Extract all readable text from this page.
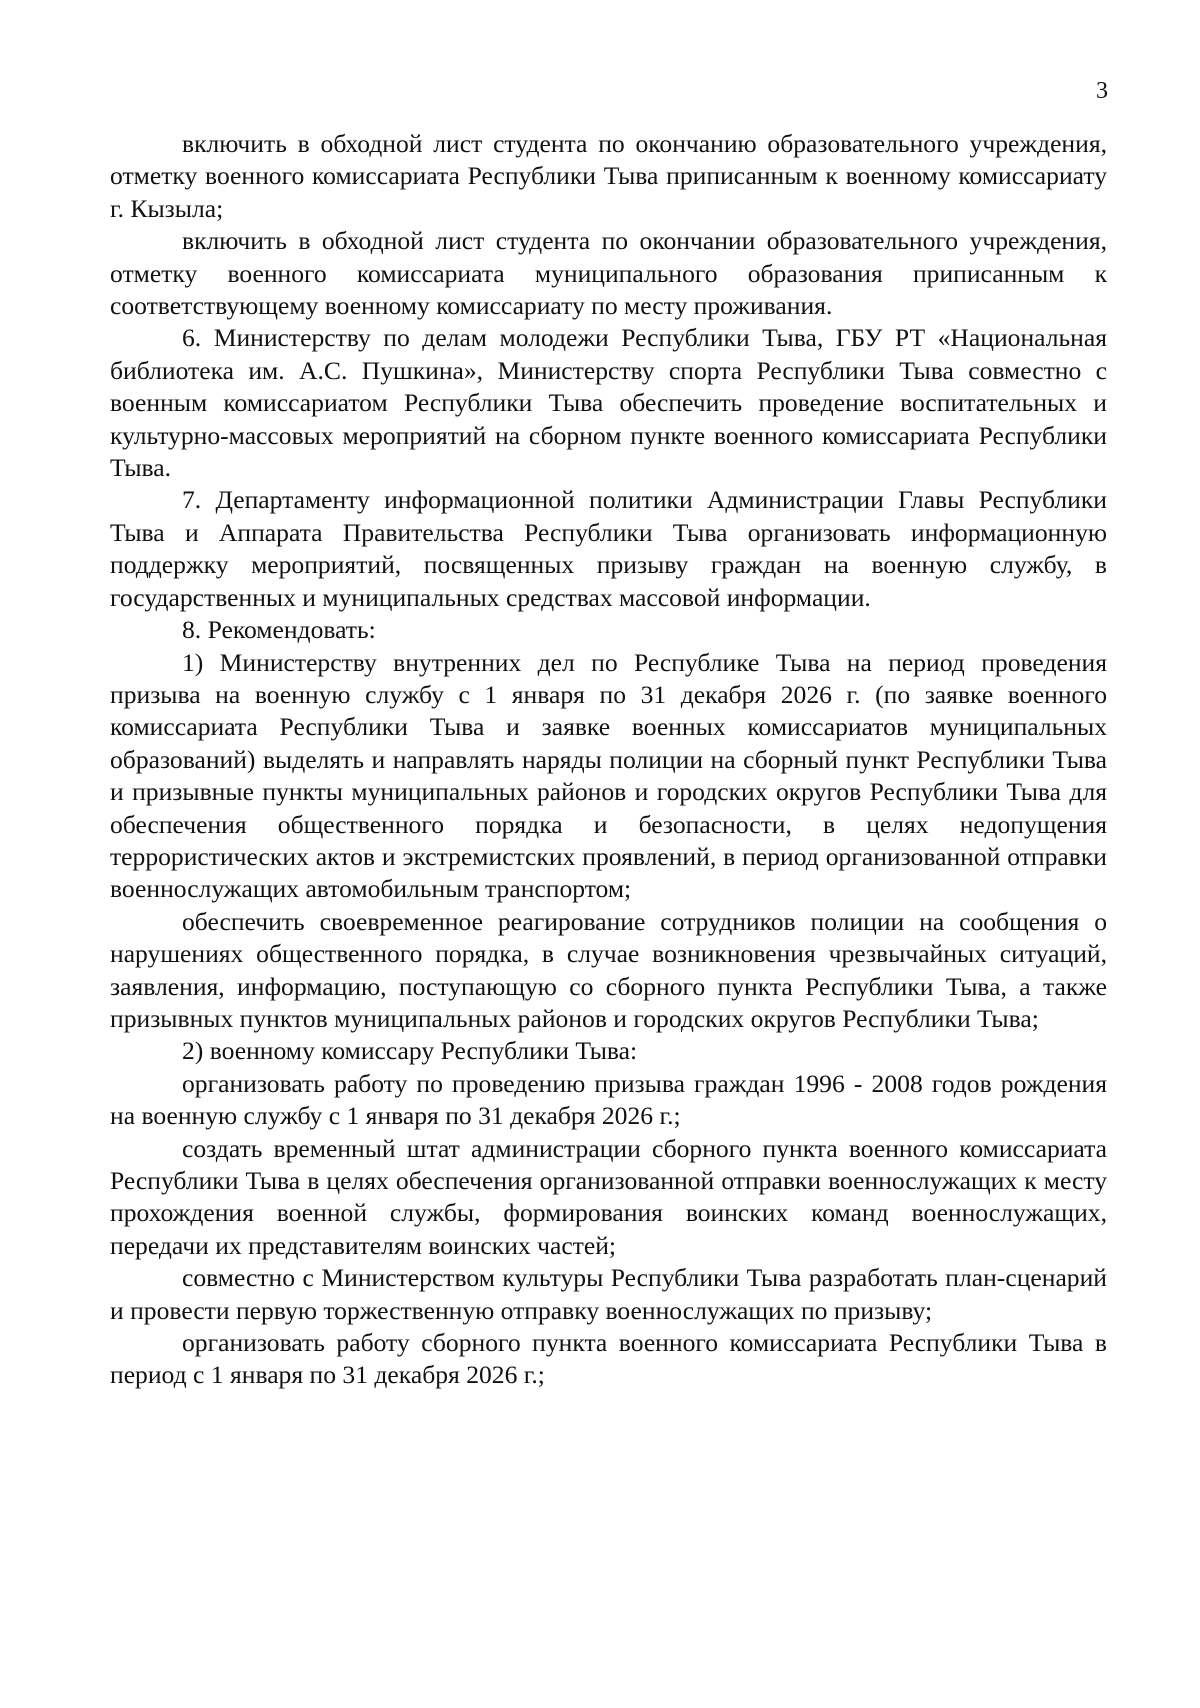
3

включить в обходной лист студента по окончанию образовательного учреждения, отметку военного комиссариата Республики Тыва приписанным к военному комиссариату г. Кызыла;

включить в обходной лист студента по окончании образовательного учреждения, отметку военного комиссариата муниципального образования приписанным к соответствующему военному комиссариату по месту проживания.

6. Министерству по делам молодежи Республики Тыва, ГБУ РТ «Национальная библиотека им. А.С. Пушкина», Министерству спорта Республики Тыва совместно с военным комиссариатом Республики Тыва обеспечить проведение воспитательных и культурно-массовых мероприятий на сборном пункте военного комиссариата Республики Тыва.

7. Департаменту информационной политики Администрации Главы Республики Тыва и Аппарата Правительства Республики Тыва организовать информационную поддержку мероприятий, посвященных призыву граждан на военную службу, в государственных и муниципальных средствах массовой информации.

8. Рекомендовать:

1) Министерству внутренних дел по Республике Тыва на период проведения призыва на военную службу с 1 января по 31 декабря 2026 г. (по заявке военного комиссариата Республики Тыва и заявке военных комиссариатов муниципальных образований) выделять и направлять наряды полиции на сборный пункт Республики Тыва и призывные пункты муниципальных районов и городских округов Республики Тыва для обеспечения общественного порядка и безопасности, в целях недопущения террористических актов и экстремистских проявлений, в период организованной отправки военнослужащих автомобильным транспортом;

обеспечить своевременное реагирование сотрудников полиции на сообщения о нарушениях общественного порядка, в случае возникновения чрезвычайных ситуаций, заявления, информацию, поступающую со сборного пункта Республики Тыва, а также призывных пунктов муниципальных районов и городских округов Республики Тыва;

2) военному комиссару Республики Тыва:

организовать работу по проведению призыва граждан 1996 - 2008 годов рождения на военную службу с 1 января по 31 декабря 2026 г.;

создать временный штат администрации сборного пункта военного комиссариата Республики Тыва в целях обеспечения организованной отправки военнослужащих к месту прохождения военной службы, формирования воинских команд военнослужащих, передачи их представителям воинских частей;

совместно с Министерством культуры Республики Тыва разработать план-сценарий и провести первую торжественную отправку военнослужащих по призыву;

организовать работу сборного пункта военного комиссариата Республики Тыва в период с 1 января по 31 декабря 2026 г.;
